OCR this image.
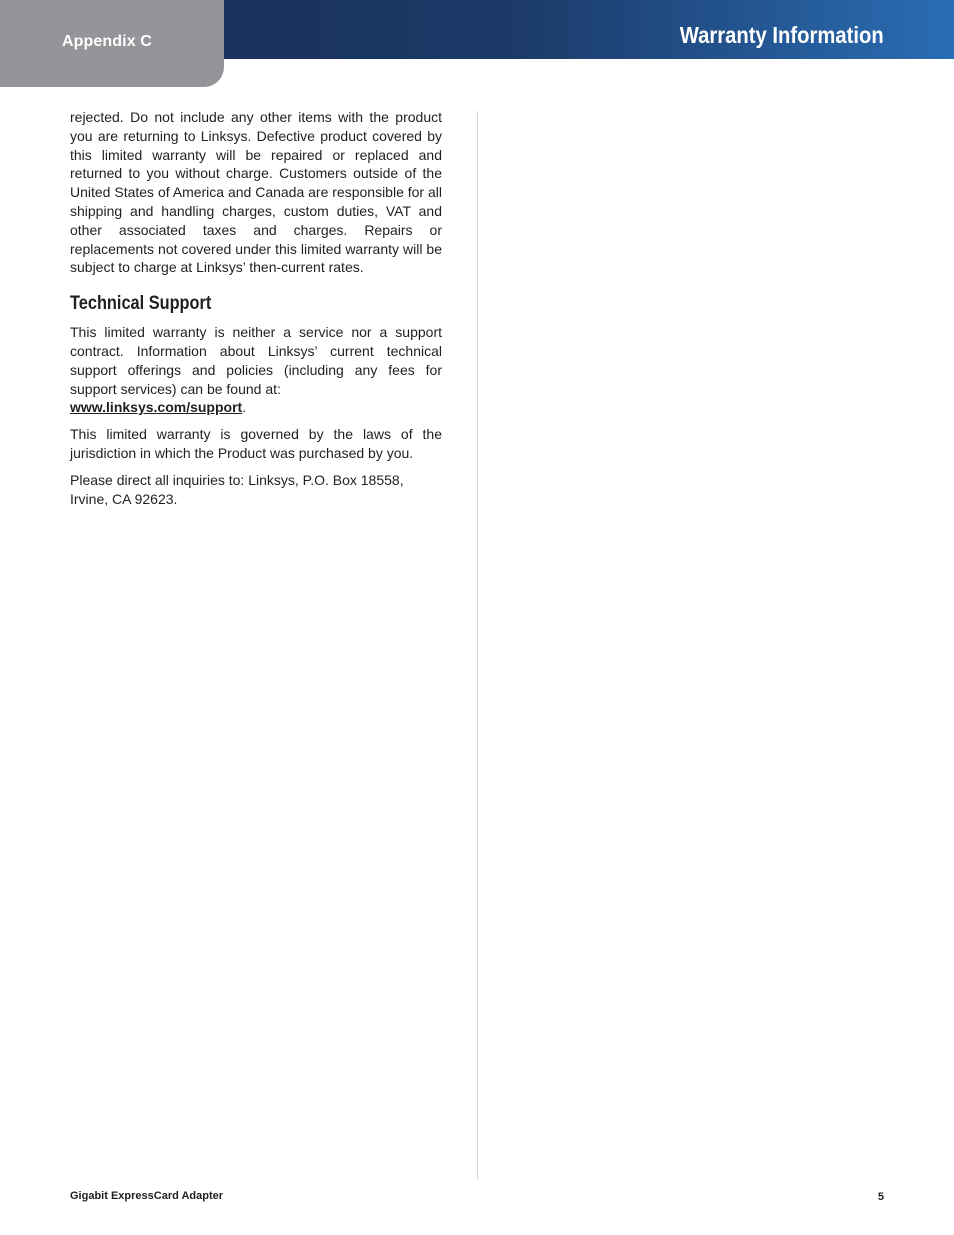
Appendix C	Warranty Information

rejected. Do not include any other items with the product you are returning to Linksys. Defective product covered by this limited warranty will be repaired or replaced and returned to you without charge. Customers outside of the United States of America and Canada are responsible for all shipping and handling charges, custom duties, VAT and other associated taxes and charges. Repairs or replacements not covered under this limited warranty will be subject to charge at Linksys’ then-current rates.

Technical Support

This limited warranty is neither a service nor a support contract. Information about Linksys’ current technical support offerings and policies (including any fees for support services) can be found at:
www.linksys.com/support.

This limited warranty is governed by the laws of the jurisdiction in which the Product was purchased by you.

Please direct all inquiries to: Linksys, P.O. Box 18558, Irvine, CA 92623.

Gigabit ExpressCard Adapter	5
